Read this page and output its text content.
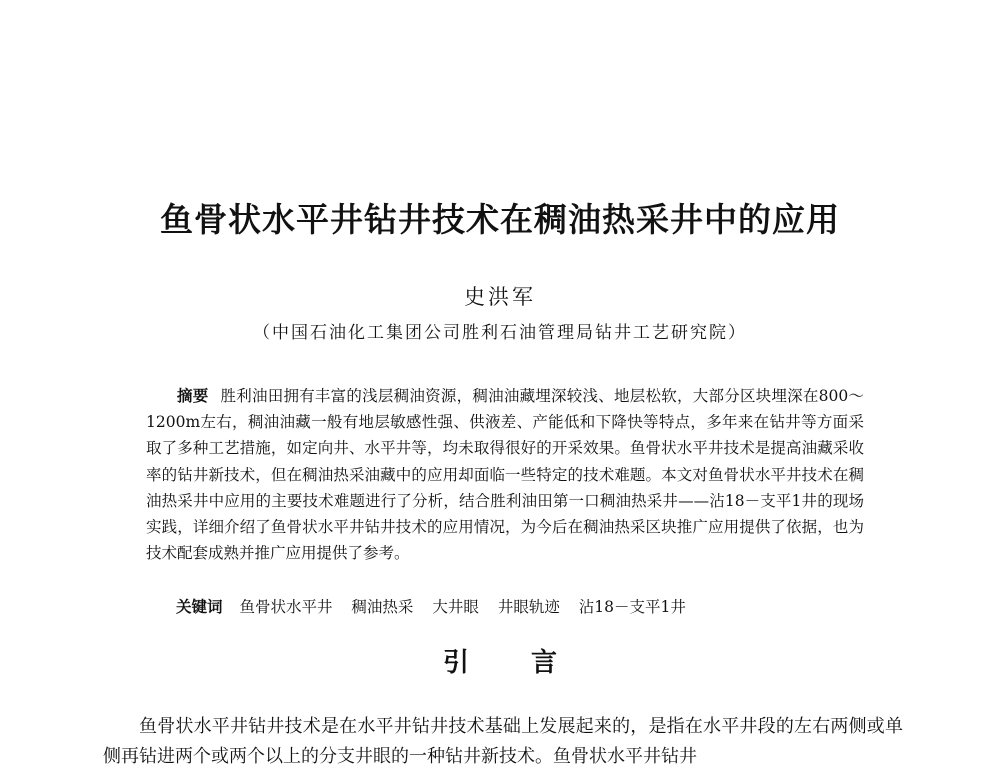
鱼骨状水平井钻井技术在稠油热采井中的应用
史洪军
（中国石油化工集团公司胜利石油管理局钻井工艺研究院）

摘要 胜利油田拥有丰富的浅层稠油资源，稠油油藏埋深较浅、地层松软，大部分区块埋深在800～1200m左右，稠油油藏一般有地层敏感性强、供液差、产能低和下降快等特点，多年来在钻井等方面采取了多种工艺措施，如定向井、水平井等，均未取得很好的开采效果。鱼骨状水平井技术是提高油藏采收率的钻井新技术，但在稠油热采油藏中的应用却面临一些特定的技术难题。本文对鱼骨状水平井技术在稠油热采井中应用的主要技术难题进行了分析，结合胜利油田第一口稠油热采井——沾18－支平1井的现场实践，详细介绍了鱼骨状水平井钻井技术的应用情况，为今后在稠油热采区块推广应用提供了依据，也为技术配套成熟并推广应用提供了参考。

关键词 鱼骨状水平井 稠油热采 大井眼 井眼轨迹 沾18－支平1井
引言

鱼骨状水平井钻井技术是在水平井钻井技术基础上发展起来的，是指在水平井段的左右两侧或单侧再钻进两个或两个以上的分支井眼的一种钻井新技术。鱼骨状水平井钻井
